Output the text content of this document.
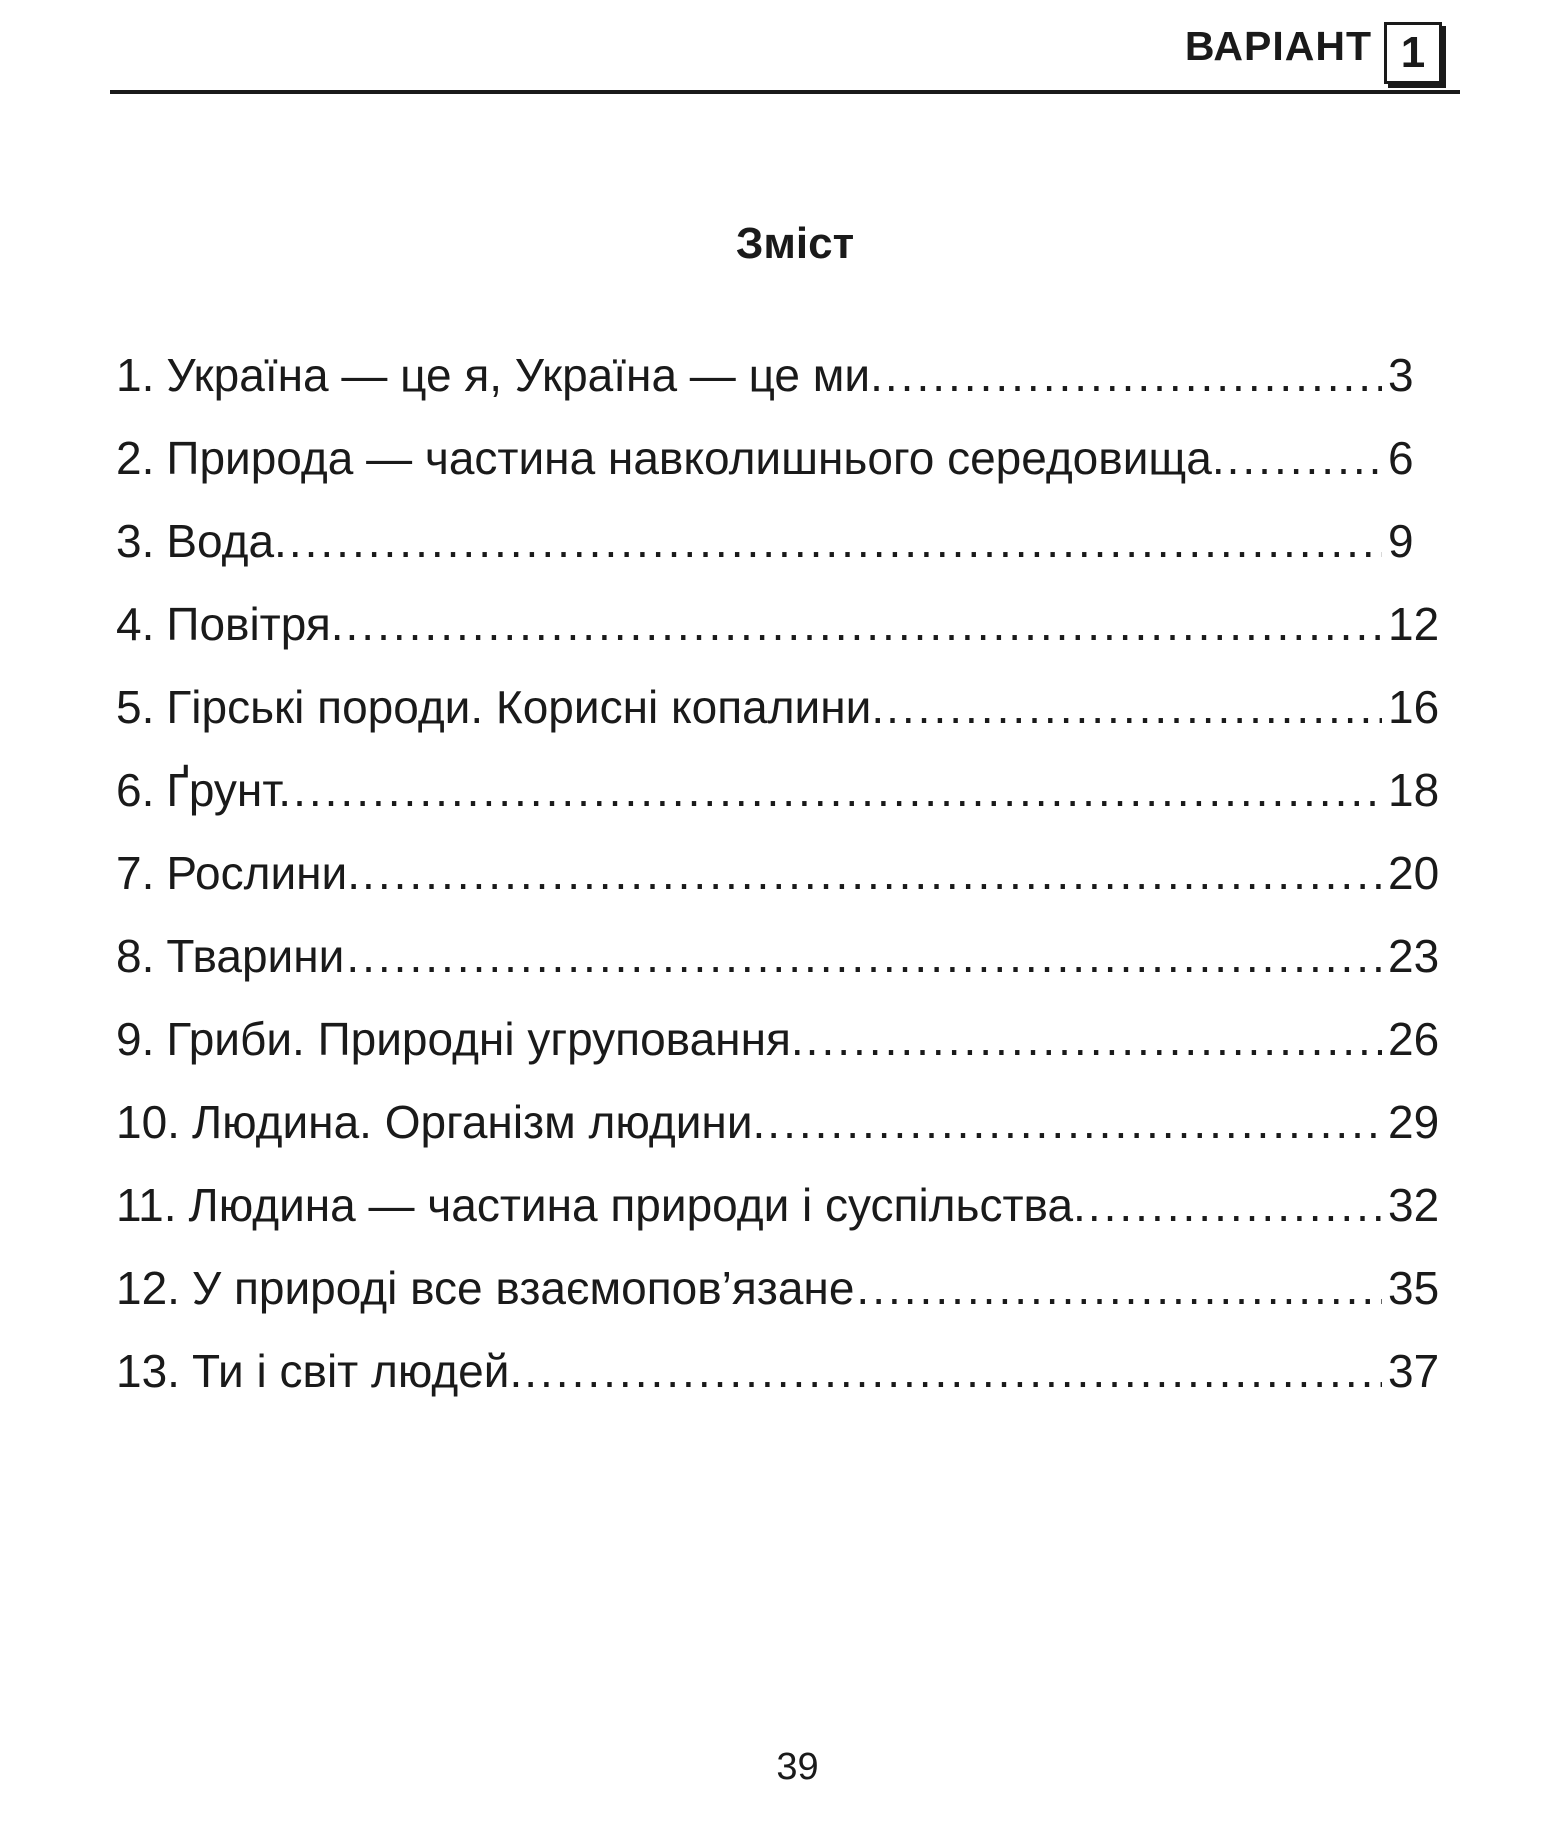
ВАРІАНТ 1
Зміст
1. Україна — це я, Україна — це ми. .....	3
2. Природа — частина навколишнього середовища. .....	6
3. Вода. .....	9
4. Повітря. .....	12
5. Гірські породи. Корисні копалини. .....	16
6. Ґрунт. .....	18
7. Рослини. .....	20
8. Тварини .....	23
9. Гриби. Природні угруповання. .....	26
10. Людина. Організм людини. .....	29
11. Людина — частина природи і суспільства. .....	32
12. У природі все взаємопов’язане .....	35
13. Ти і світ людей. .....	37
39
